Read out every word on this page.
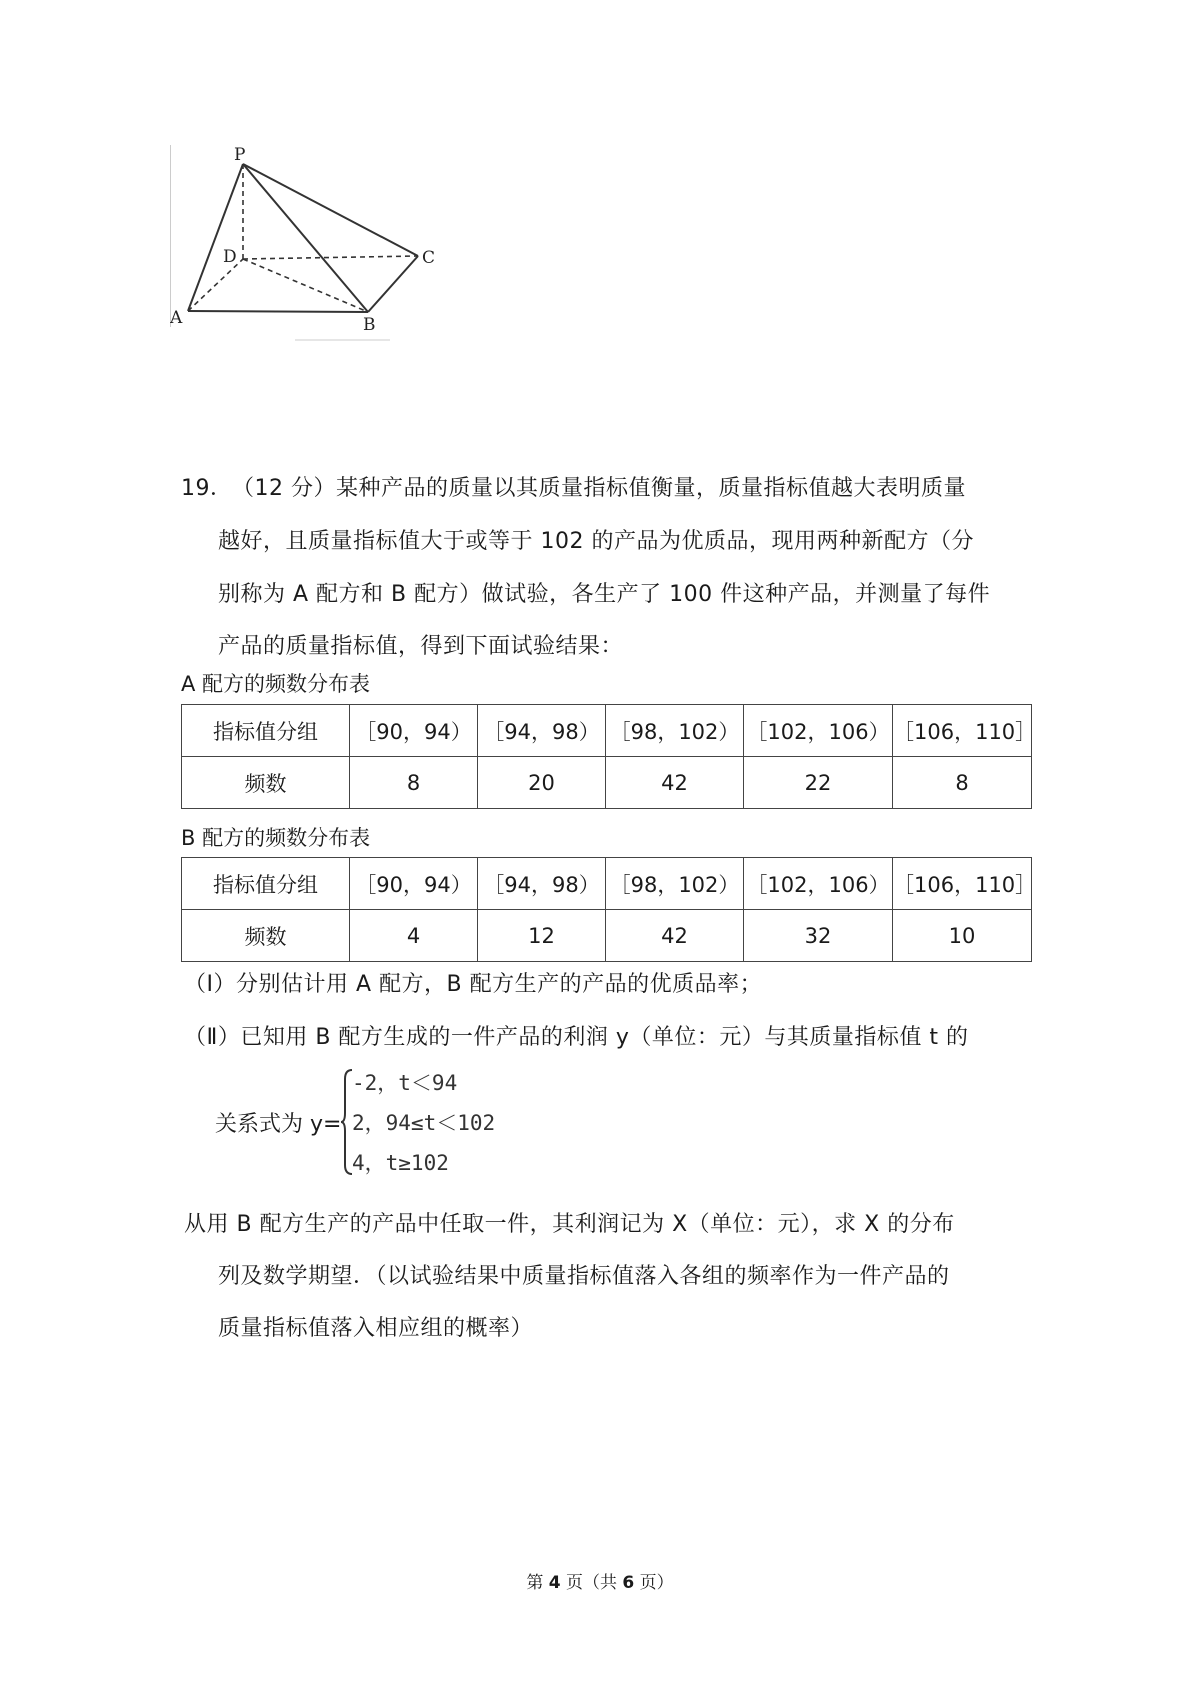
P
D	C
A	B
19． （12 分）某种产品的质量以其质量指标值衡量，质量指标值越大表明质量
越好，且质量指标值大于或等于 102 的产品为优质品，现用两种新配方（分
别称为 A 配方和 B 配方）做试验，各生产了 100 件这种产品，并测量了每件
产品的质量指标值，得到下面试验结果：
A 配方的频数分布表
指标值分组	［90，94）	［94，98）	［98，102）	［102，106）	［106，110］
频数	8	20	42	22	8
B 配方的频数分布表
指标值分组	［90，94）	［94，98）	［98，102）	［102，106）	［106，110］
频数	4	12	42	32	10
（Ⅰ）分别估计用 A 配方，B 配方生产的产品的优质品率；
（Ⅱ）已知用 B 配方生成的一件产品的利润 y（单位：元）与其质量指标值 t 的
关系式为 y=
-2，t＜94
2，94≤t＜102
4，t≥102
从用 B 配方生产的产品中任取一件，其利润记为 X（单位：元），求 X 的分布
列及数学期望．（以试验结果中质量指标值落入各组的频率作为一件产品的
质量指标值落入相应组的概率）
第 4 页（共 6 页）
